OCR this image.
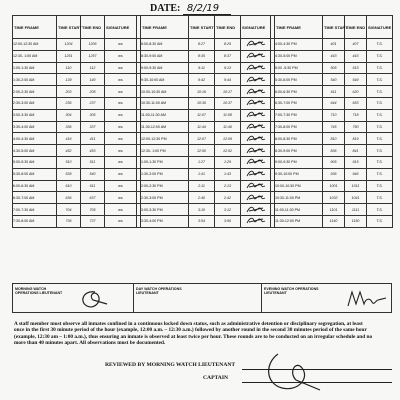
DATE: 8/2/19
TIME FRAME	TIME START	TIME END	SIGNATURE		TIME FRAME	TIME START	TIME END	SIGNATURE		TIME FRAME	TIME START	TIME END	SIGNATURE
12:00-12:30 AM	1204	1206	ws		8:00-8:30 AM	8:27	8:29			4:00-4:30 PM	401	407	T.S.
12:30- 1:00 AM	1251	1257	ws		8:30-9:00 AM	8:35	8:37			4:30-5:00 PM	443	443	T.S.
1:00-1:30 AM	110	112	ws		9:00-9:30 AM	9:11	9:13			5:00 -5:30 PM	505	515	T.S.
1:30-2:00 AM	139	140	ws		9:30-10:00 AM	9:42	9:44			5:30-6:00 PM	540	549	T.S.
2:00-2:30 AM	203	205	ws		10:00-10:30 AM	10:16	10:17			6:00-6:30 PM	611	620	T.S.
2:30-3:00 AM	236	237	ws		10:30-11:00 AM	10:36	10:37			6:30-7:00 PM	644	653	T.S.
3:00-3:30 AM	304	305	ws		11:00-11:30 AM	11:07	11:08			7:00-7:30 PM	710	718	T.S.
3:30-4:00 AM	336	337	ws		11:30-12:00 AM	11:44	11:46			7:30-8:00 PM	745	750	T.S.
4:00-4:30 AM	416	411	ws		12:00-12:30 PM	12:07	12:09			8:00-8:30 PM	810	819	T.S.
4:30-5:00 AM	452	453	ws		12:30- 1:00 PM	12:50	12:52			8:30-9:00 PM	836	841	T.S.
5:00-5:30 AM	510	511	ws		1:00-1:30 PM	1:27	1:29			9:00-9:30 PM	905	915	T.S.
5:30-6:00 AM	539	540	ws		1:30-2:00 PM	1:41	1:43			9:30-10:00 PM	936	946	T.S.
6:00-6:30 AM	610	611	ws		2:00-2:30 PM	2:11	2:13			10:00-10:30 PM	1001	1011	T.S.
6:30-7:00 AM	636	637	ws		2:30-3:00 PM	2:40	2:42			10:30-11:00 PM	1032	1041	T.S.
7:00-7:30 AM	704	705	ws		3:00-3:30 PM	3:10	3:12			11:00-11:30 PM	1101	1111	T.S.
7:30-8:00 AM	736	737	ws		3:30-4:00 PM	3:54	3:56			11:30-12:00 PM	1140	1150	T.S.
MORNING WATCH OPERATIONS LIEUTENANT
DAY WATCH OPERATIONS LIEUTENANT
EVENING WATCH OPERATIONS LIEUTENANT
A staff member must observe all inmates confined in a continuous locked down status, such as administrative detention or disciplinary segregation, at least once in the first 30 minute period of the hour (example, 12:00 a.m. – 12:30 a.m.) followed by another round in the second 30 minutes period of the same hour (example, 12:30 am – 1:00 a.m.), thus ensuring an inmate is observed at least twice per hour. These rounds are to be conducted on an irregular schedule and no more than 40 minutes apart. All observations must be documented.
REVIEWED BY MORNING WATCH LIEUTENANT
CAPTAIN
